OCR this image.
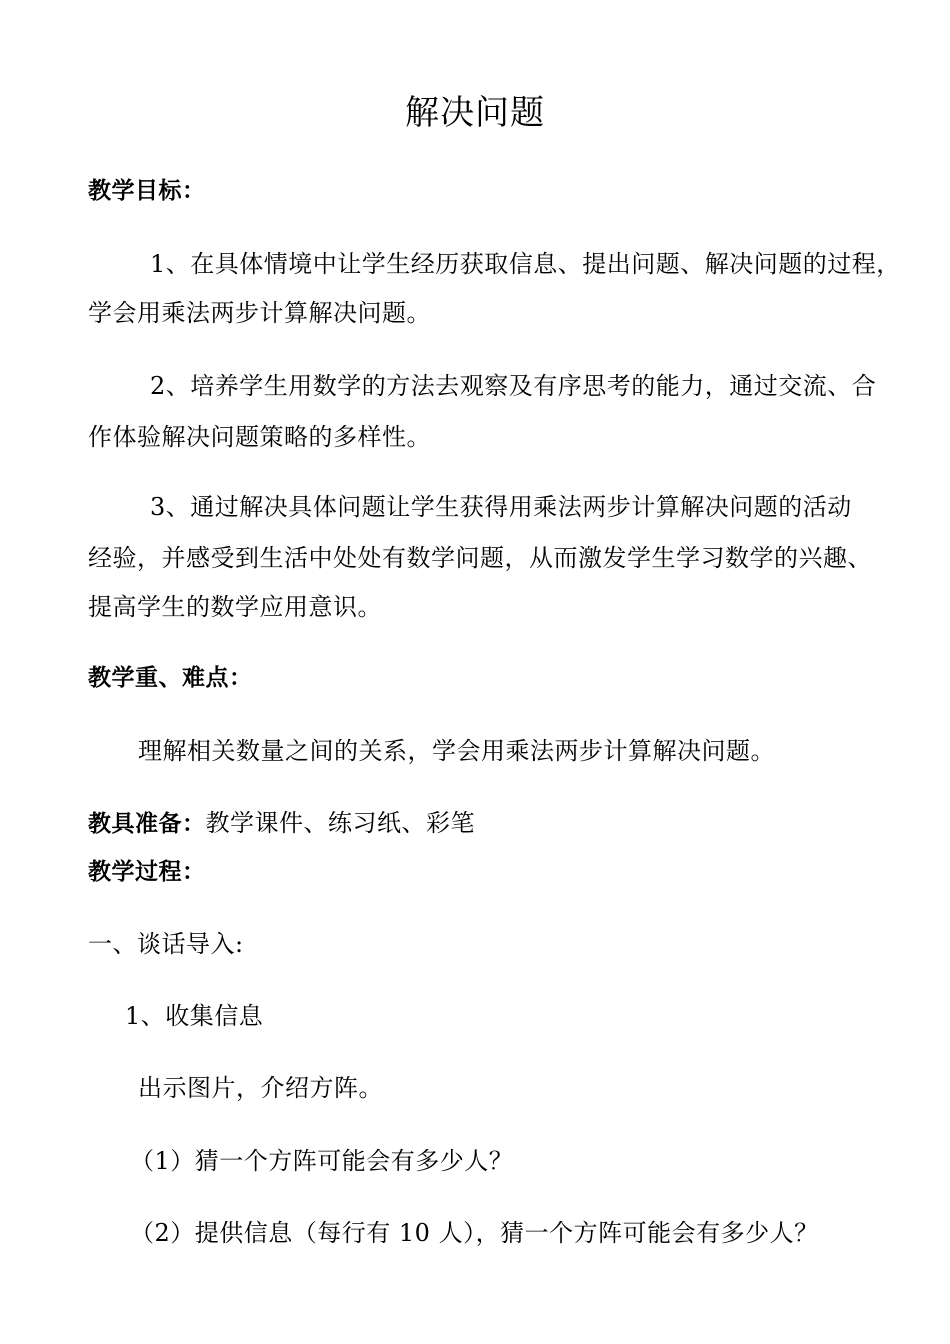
解决问题
教学目标：
1、在具体情境中让学生经历获取信息、提出问题、解决问题的过程，
学会用乘法两步计算解决问题。
2、培养学生用数学的方法去观察及有序思考的能力，通过交流、合
作体验解决问题策略的多样性。
3、通过解决具体问题让学生获得用乘法两步计算解决问题的活动
经验，并感受到生活中处处有数学问题，从而激发学生学习数学的兴趣、
提高学生的数学应用意识。
教学重、难点：
理解相关数量之间的关系，学会用乘法两步计算解决问题。
教具准备：教学课件、练习纸、彩笔
教学过程：
一、谈话导入:
1、收集信息
出示图片，介绍方阵。
（1）猜一个方阵可能会有多少人？
（2）提供信息（每行有 10 人），猜一个方阵可能会有多少人？
